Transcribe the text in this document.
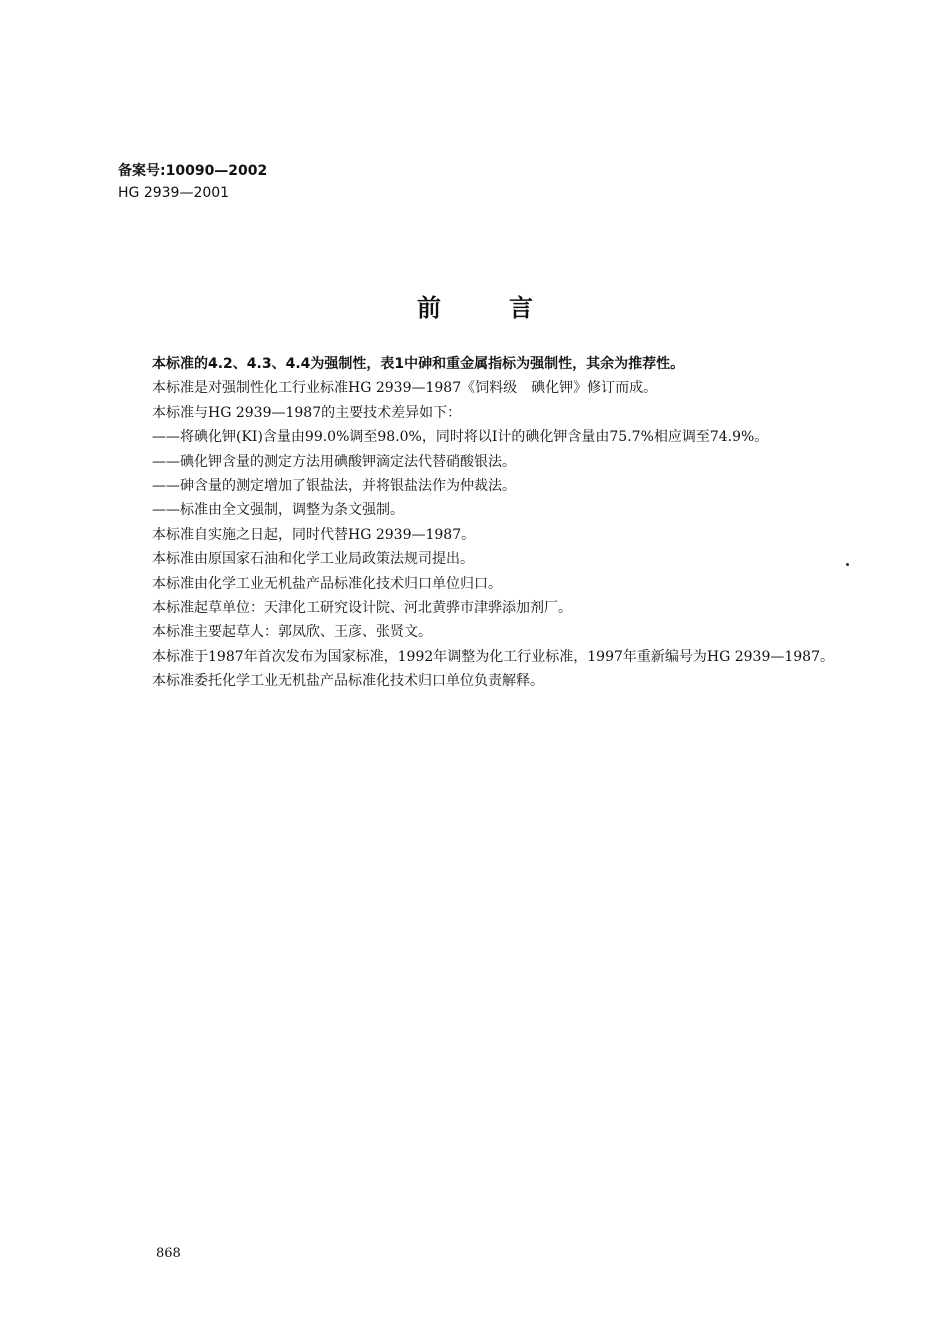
备案号:10090—2002
HG 2939—2001
前言

本标准的4.2、4.3、4.4为强制性，表1中砷和重金属指标为强制性，其余为推荐性。

本标准是对强制性化工行业标准HG 2939—1987《饲料级　碘化钾》修订而成。

本标准与HG 2939—1987的主要技术差异如下：

——将碘化钾(KI)含量由99.0%调至98.0%，同时将以I计的碘化钾含量由75.7%相应调至74.9%。

——碘化钾含量的测定方法用碘酸钾滴定法代替硝酸银法。

——砷含量的测定增加了银盐法，并将银盐法作为仲裁法。

——标准由全文强制，调整为条文强制。

本标准自实施之日起，同时代替HG 2939—1987。

本标准由原国家石油和化学工业局政策法规司提出。

本标准由化学工业无机盐产品标准化技术归口单位归口。

本标准起草单位：天津化工研究设计院、河北黄骅市津骅添加剂厂。

本标准主要起草人：郭凤欣、王彦、张贤文。

本标准于1987年首次发布为国家标准，1992年调整为化工行业标准，1997年重新编号为HG 2939—1987。

本标准委托化学工业无机盐产品标准化技术归口单位负责解释。

868
